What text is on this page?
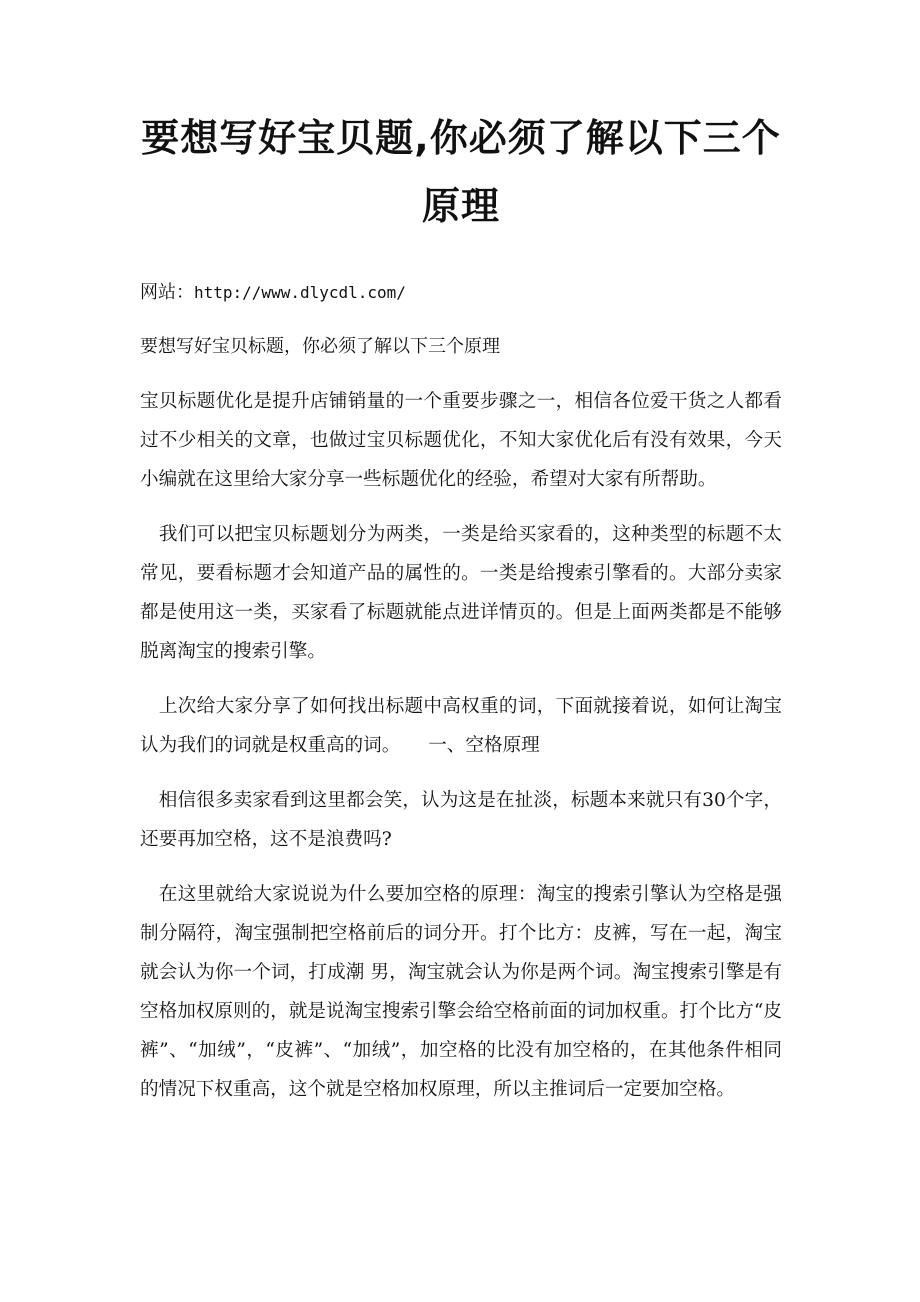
要想写好宝贝题,你必须了解以下三个
原理
网站：http://www.dlycdl.com/
要想写好宝贝标题，你必须了解以下三个原理

宝贝标题优化是提升店铺销量的一个重要步骤之一，相信各位爱干货之人都看过不少相关的文章，也做过宝贝标题优化，不知大家优化后有没有效果，今天小编就在这里给大家分享一些标题优化的经验，希望对大家有所帮助。

　我们可以把宝贝标题划分为两类，一类是给买家看的，这种类型的标题不太常见，要看标题才会知道产品的属性的。一类是给搜索引擎看的。大部分卖家都是使用这一类，买家看了标题就能点进详情页的。但是上面两类都是不能够脱离淘宝的搜索引擎。

　上次给大家分享了如何找出标题中高权重的词，下面就接着说，如何让淘宝认为我们的词就是权重高的词。　　一、空格原理

　相信很多卖家看到这里都会笑，认为这是在扯淡，标题本来就只有30个字，还要再加空格，这不是浪费吗?

　在这里就给大家说说为什么要加空格的原理：淘宝的搜索引擎认为空格是强制分隔符，淘宝强制把空格前后的词分开。打个比方：皮裤，写在一起，淘宝就会认为你一个词，打成潮 男，淘宝就会认为你是两个词。淘宝搜索引擎是有空格加权原则的，就是说淘宝搜索引擎会给空格前面的词加权重。打个比方“皮裤”、“加绒”，“皮裤”、“加绒”，加空格的比没有加空格的，在其他条件相同的情况下权重高，这个就是空格加权原理，所以主推词后一定要加空格。
